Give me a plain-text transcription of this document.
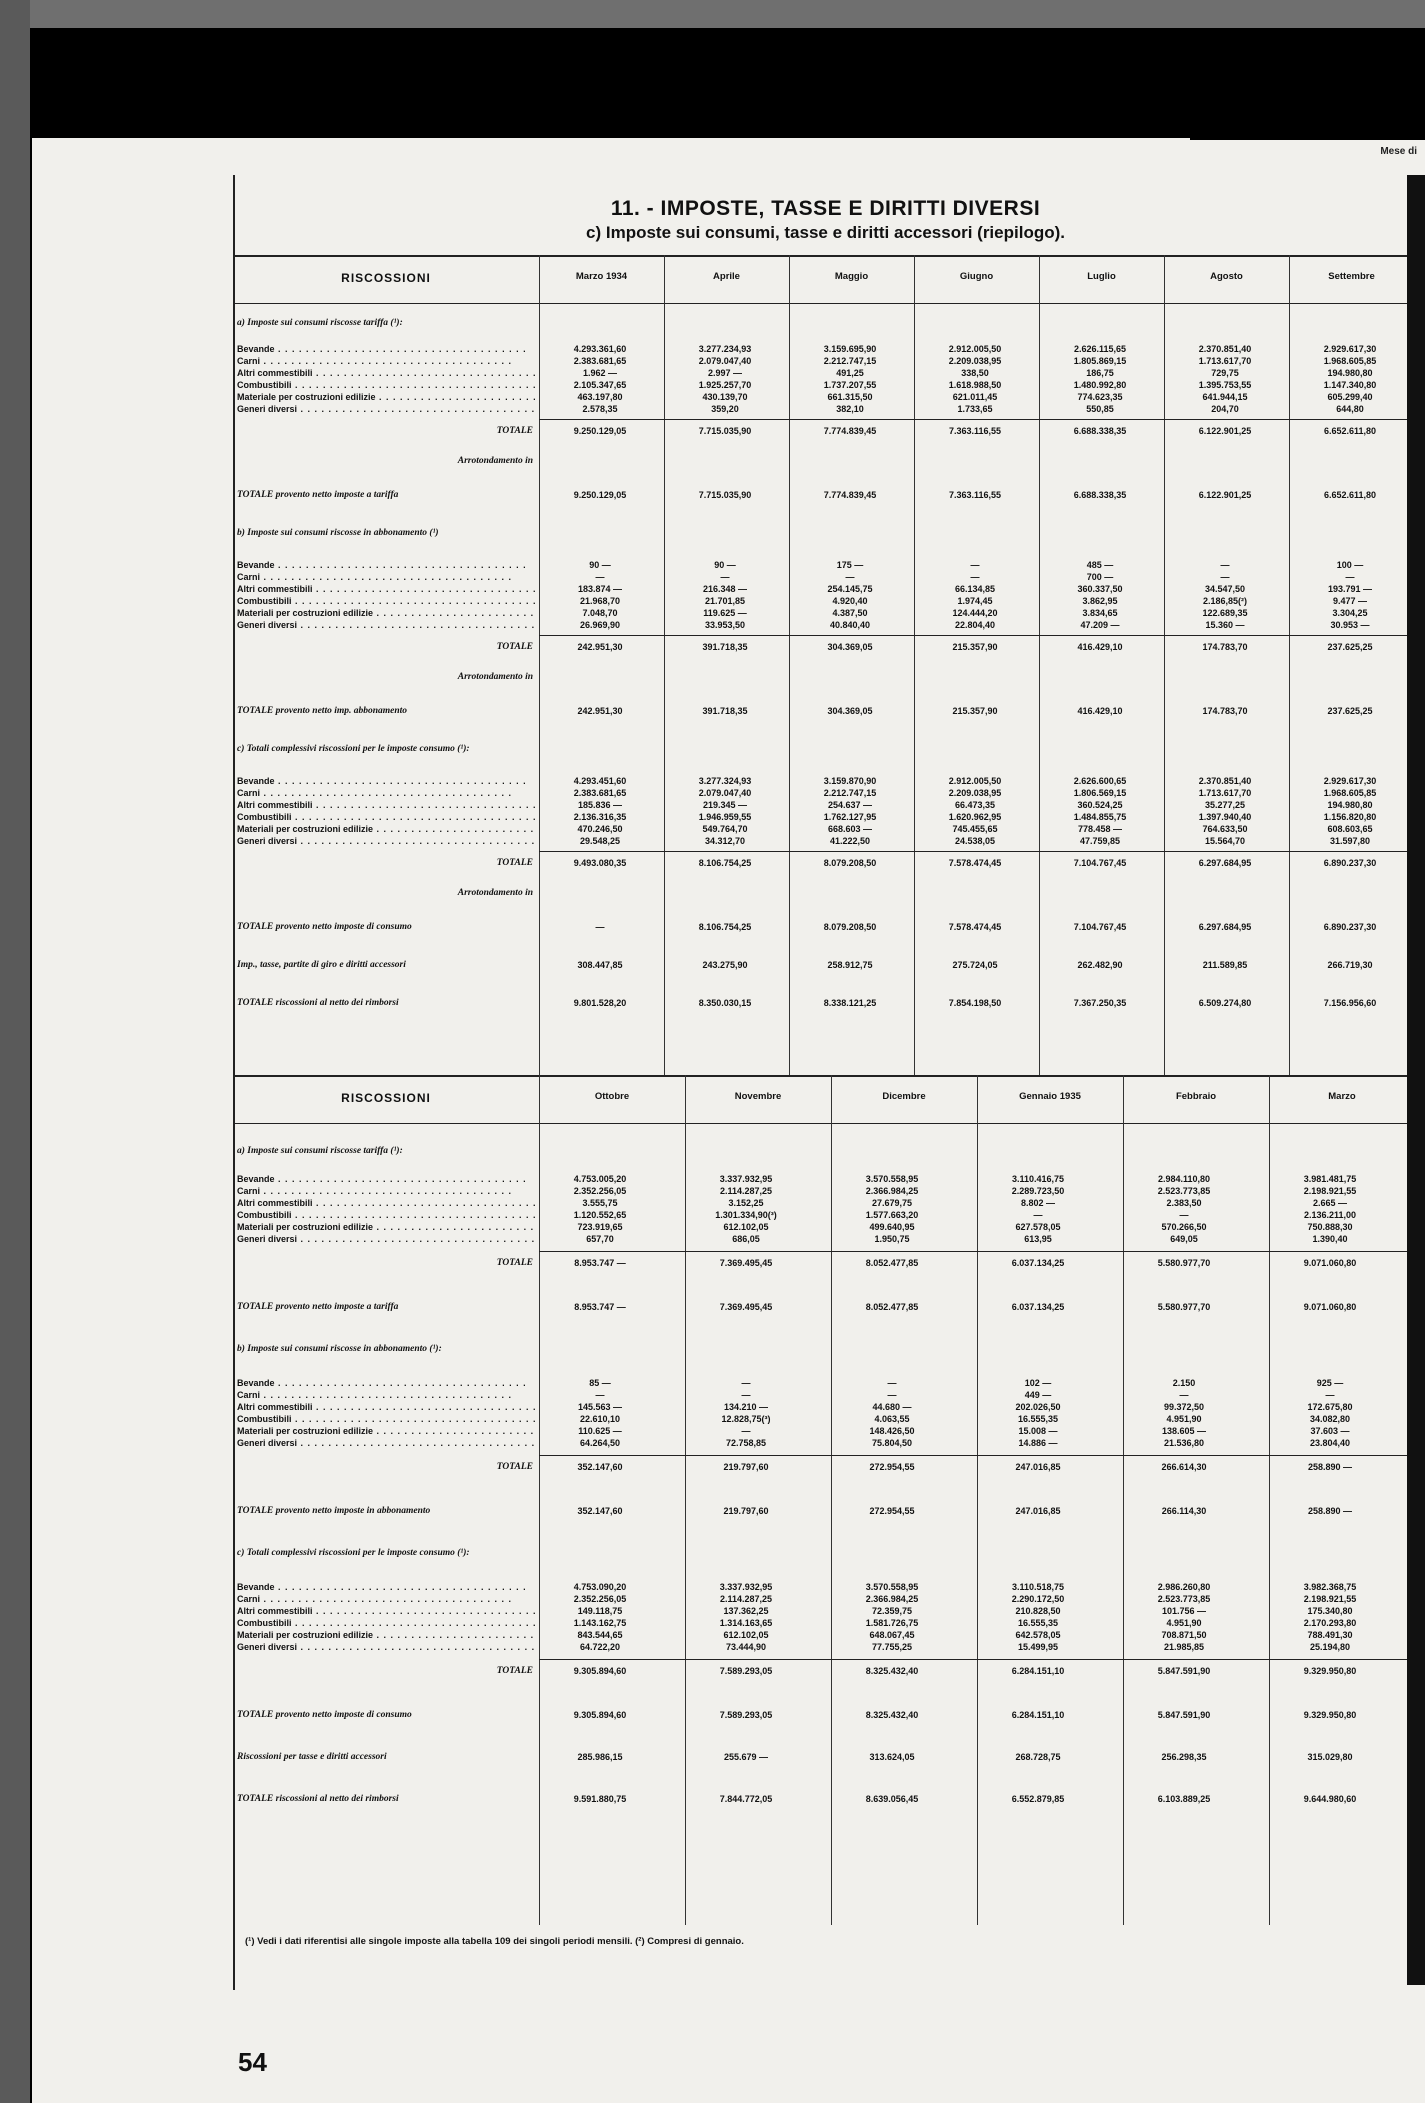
Mese di
11. - IMPOSTE, TASSE E DIRITTI DIVERSI
c) Imposte sui consumi, tasse e diritti accessori (riepilogo).
RISCOSSIONI	Marzo 1934	Aprile	Maggio	Giugno	Luglio	Agosto	Settembre
a) Imposte sui consumi riscosse tariffa (¹):
Bevande . . .	4.293.361,60	3.277.234,93	3.159.695,90	2.912.005,50	2.626.115,65	2.370.851,40	2.929.617,30
Carni . . .	2.383.681,65	2.079.047,40	2.212.747,15	2.209.038,95	1.805.869,15	1.713.617,70	1.968.605,85
Altri commestibili . . .	1.962 —	2.997 —	491,25	338,50	186,75	729,75	194.980,80
Combustibili . . .	2.105.347,65	1.925.257,70	1.737.207,55	1.618.988,50	1.480.992,80	1.395.753,55	1.147.340,80
Materiale per costruzioni edilizie . . .	463.197,80	430.139,70	661.315,50	621.011,45	774.623,35	641.944,15	605.299,40
Generi diversi . . .	2.578,35	359,20	382,10	1.733,65	550,85	204,70	644,80
TOTALE	9.250.129,05	7.715.035,90	7.774.839,45	7.363.116,55	6.688.338,35	6.122.901,25	6.652.611,80
Arrotondamento in
TOTALE provento netto imposte a tariffa	9.250.129,05	7.715.035,90	7.774.839,45	7.363.116,55	6.688.338,35	6.122.901,25	6.652.611,80
b) Imposte sui consumi riscosse in abbonamento (¹)
Bevande . . .	90 —	90 —	175 —	—	485 —	—	100 —
Carni . . .	—	—	—	—	700 —	—	—
Altri commestibili . . .	183.874 —	216.348 —	254.145,75	66.134,85	360.337,50	34.547,50	193.791 —
Combustibili . . .	21.968,70	21.701,85	4.920,40	1.974,45	3.862,95	2.186,85(²)	9.477 —
Materiali per costruzioni edilizie . . .	7.048,70	119.625 —	4.387,50	124.444,20	3.834,65	122.689,35	3.304,25
Generi diversi . . .	26.969,90	33.953,50	40.840,40	22.804,40	47.209 —	15.360 —	30.953 —
TOTALE	242.951,30	391.718,35	304.369,05	215.357,90	416.429,10	174.783,70	237.625,25
Arrotondamento in
TOTALE provento netto imp. abbonamento	242.951,30	391.718,35	304.369,05	215.357,90	416.429,10	174.783,70	237.625,25
c) Totali complessivi riscossioni per le imposte consumo (¹):
Bevande . . .	4.293.451,60	3.277.324,93	3.159.870,90	2.912.005,50	2.626.600,65	2.370.851,40	2.929.617,30
Carni . . .	2.383.681,65	2.079.047,40	2.212.747,15	2.209.038,95	1.806.569,15	1.713.617,70	1.968.605,85
Altri commestibili . . .	185.836 —	219.345 —	254.637 —	66.473,35	360.524,25	35.277,25	194.980,80
Combustibili . . .	2.136.316,35	1.946.959,55	1.762.127,95	1.620.962,95	1.484.855,75	1.397.940,40	1.156.820,80
Materiali per costruzioni edilizie . . .	470.246,50	549.764,70	668.603 —	745.455,65	778.458 —	764.633,50	608.603,65
Generi diversi . . .	29.548,25	34.312,70	41.222,50	24.538,05	47.759,85	15.564,70	31.597,80
TOTALE	9.493.080,35	8.106.754,25	8.079.208,50	7.578.474,45	7.104.767,45	6.297.684,95	6.890.237,30
Arrotondamento in
TOTALE provento netto imposte di consumo	—	8.106.754,25	8.079.208,50	7.578.474,45	7.104.767,45	6.297.684,95	6.890.237,30
Imp., tasse, partite di giro e diritti accessori	308.447,85	243.275,90	258.912,75	275.724,05	262.482,90	211.589,85	266.719,30
TOTALE riscossioni al netto dei rimborsi	9.801.528,20	8.350.030,15	8.338.121,25	7.854.198,50	7.367.250,35	6.509.274,80	7.156.956,60
RISCOSSIONI	Ottobre	Novembre	Dicembre	Gennaio 1935	Febbraio	Marzo
a) Imposte sui consumi riscosse tariffa (¹):
Bevande . . .	4.753.005,20	3.337.932,95	3.570.558,95	3.110.416,75	2.984.110,80	3.981.481,75
Carni . . .	2.352.256,05	2.114.287,25	2.366.984,25	2.289.723,50	2.523.773,85	2.198.921,55
Altri commestibili . . .	3.555,75	3.152,25	27.679,75	8.802 —	2.383,50	2.665 —
Combustibili . . .	1.120.552,65	1.301.334,90(³)	1.577.663,20	—	—	2.136.211,00
Materiali per costruzioni edilizie . . .	723.919,65	612.102,05	499.640,95	627.578,05	570.266,50	750.888,30
Generi diversi . . .	657,70	686,05	1.950,75	613,95	649,05	1.390,40
TOTALE	8.953.747 —	7.369.495,45	8.052.477,85	6.037.134,25	5.580.977,70	9.071.060,80
TOTALE provento netto imposte a tariffa	8.953.747 —	7.369.495,45	8.052.477,85	6.037.134,25	5.580.977,70	9.071.060,80
b) Imposte sui consumi riscosse in abbonamento (¹):
Bevande . . .	85 —	—	—	102 —	2.150	925 —
Carni . . .	—	—	—	449 —	—	—
Altri commestibili . . .	145.563 —	134.210 —	44.680 —	202.026,50	99.372,50	172.675,80
Combustibili . . .	22.610,10	12.828,75(³)	4.063,55	16.555,35	4.951,90	34.082,80
Materiali per costruzioni edilizie . . .	110.625 —	—	148.426,50	15.008 —	138.605 —	37.603 —
Generi diversi . . .	64.264,50	72.758,85	75.804,50	14.886 —	21.536,80	23.804,40
TOTALE	352.147,60	219.797,60	272.954,55	247.016,85	266.614,30	258.890 —
TOTALE provento netto imposte in abbonamento	352.147,60	219.797,60	272.954,55	247.016,85	266.114,30	258.890 —
c) Totali complessivi riscossioni per le imposte consumo (¹):
Bevande . . .	4.753.090,20	3.337.932,95	3.570.558,95	3.110.518,75	2.986.260,80	3.982.368,75
Carni . . .	2.352.256,05	2.114.287,25	2.366.984,25	2.290.172,50	2.523.773,85	2.198.921,55
Altri commestibili . . .	149.118,75	137.362,25	72.359,75	210.828,50	101.756 —	175.340,80
Combustibili . . .	1.143.162,75	1.314.163,65	1.581.726,75	16.555,35	4.951,90	2.170.293,80
Materiali per costruzioni edilizie . . .	843.544,65	612.102,05	648.067,45	642.578,05	708.871,50	788.491,30
Generi diversi . . .	64.722,20	73.444,90	77.755,25	15.499,95	21.985,85	25.194,80
TOTALE	9.305.894,60	7.589.293,05	8.325.432,40	6.284.151,10	5.847.591,90	9.329.950,80
TOTALE provento netto imposte di consumo	9.305.894,60	7.589.293,05	8.325.432,40	6.284.151,10	5.847.591,90	9.329.950,80
Riscossioni per tasse e diritti accessori	285.986,15	255.679 —	313.624,05	268.728,75	256.298,35	315.029,80
TOTALE riscossioni al netto dei rimborsi	9.591.880,75	7.844.772,05	8.639.056,45	6.552.879,85	6.103.889,25	9.644.980,60
(¹) Vedi i dati riferentisi alle singole imposte alla tabella 109 dei singoli periodi mensili. (²) Compresi di gennaio.
54
